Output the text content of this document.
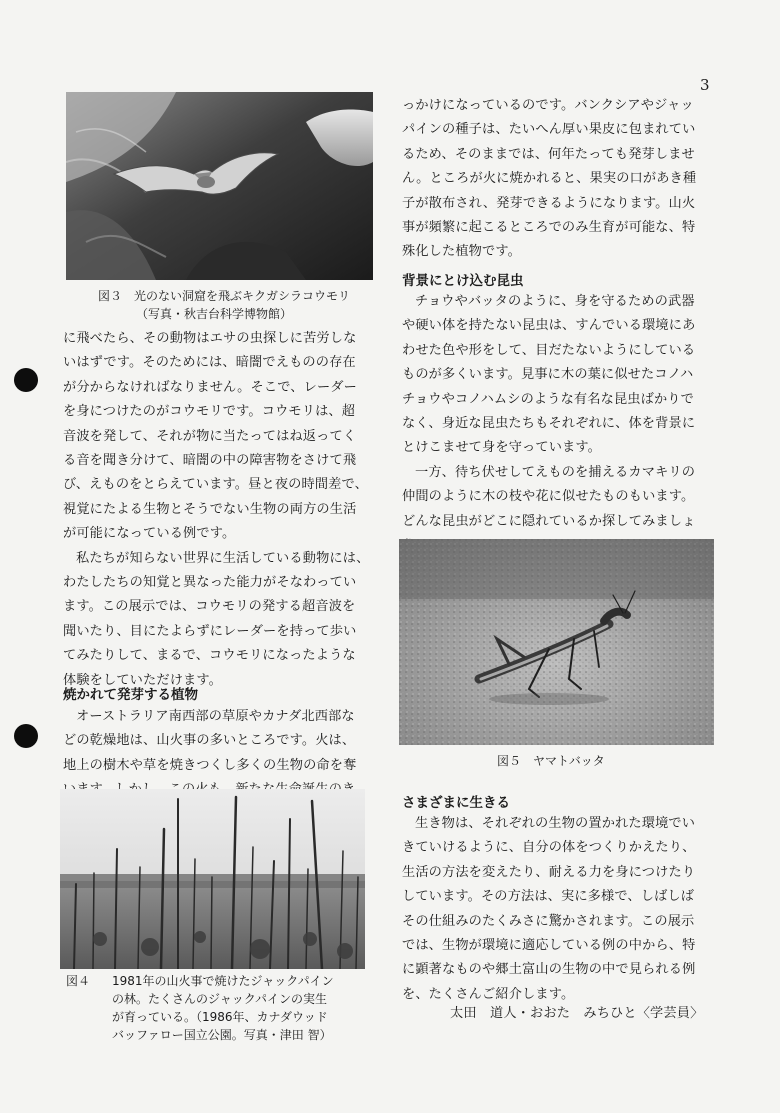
3
図３　光のない洞窟を飛ぶキクガシラコウモリ
（写真・秋吉台科学博物館）
に飛べたら、その動物はエサの虫探しに苦労しな
いはずです。そのためには、暗闇でえものの存在
が分からなければなりません。そこで、レーダー
を身につけたのがコウモリです。コウモリは、超
音波を発して、それが物に当たってはね返ってく
る音を聞き分けて、暗闇の中の障害物をさけて飛
び、えものをとらえています。昼と夜の時間差で、
視覚にたよる生物とそうでない生物の両方の生活
が可能になっている例です。
私たちが知らない世界に生活している動物には、
わたしたちの知覚と異なった能力がそなわってい
ます。この展示では、コウモリの発する超音波を
聞いたり、目にたよらずにレーダーを持って歩い
てみたりして、まるで、コウモリになったような
体験をしていただけます。
焼かれて発芽する植物
オーストラリア南西部の草原やカナダ北西部な
どの乾燥地は、山火事の多いところです。火は、
地上の樹木や草を焼きつくし多くの生物の命を奪
図４	1981年の山火事で焼けたジャックパイン
の林。たくさんのジャックパインの実生
が育っている。（1986年、カナダウッド
バッファロー国立公園。写真・津田 智）
っかけになっているのです。バンクシアやジャッ
パインの種子は、たいへん厚い果皮に包まれてい
るため、そのままでは、何年たっても発芽しませ
ん。ところが火に焼かれると、果実の口があき種
子が散布され、発芽できるようになります。山火
事が頻繁に起こるところでのみ生育が可能な、特
殊化した植物です。
背景にとけ込む昆虫
チョウやバッタのように、身を守るための武器
や硬い体を持たない昆虫は、すんでいる環境にあ
わせた色や形をして、目だたないようにしている
ものが多くいます。見事に木の葉に似せたコノハ
チョウやコノハムシのような有名な昆虫ばかりで
なく、身近な昆虫たちもそれぞれに、体を背景に
とけこませて身を守っています。
一方、待ち伏せしてえものを捕えるカマキリの
仲間のように木の枝や花に似せたものもいます。
どんな昆虫がどこに隠れているか探してみましょ
図５　ヤマトバッタ
さまざまに生きる
生き物は、それぞれの生物の置かれた環境でい
きていけるように、自分の体をつくりかえたり、
生活の方法を変えたり、耐える力を身につけたり
しています。その方法は、実に多様で、しばしば
その仕組みのたくみさに驚かされます。この展示
では、生物が環境に適応している例の中から、特
に顕著なものや郷土富山の生物の中で見られる例
を、たくさんご紹介します。
太田　道人・おおた　みちひと〈学芸員〉
